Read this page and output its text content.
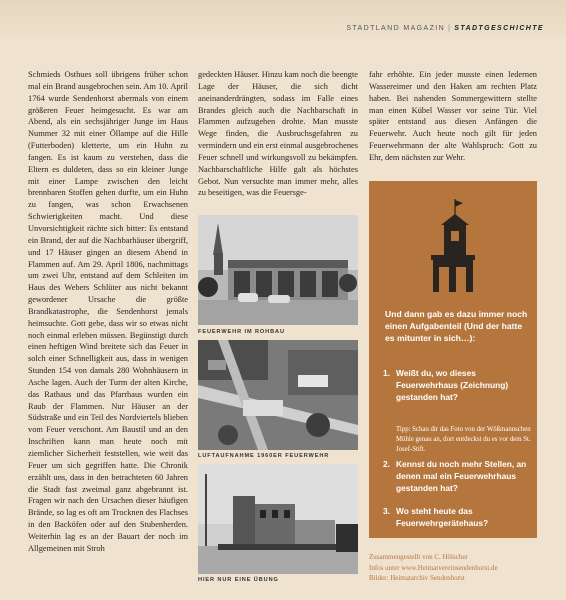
STADTLAND MAGAZIN | STADTGESCHICHTE

Schmieds Osthues soll übrigens früher schon mal ein Brand ausgebrochen sein. Am 10. April 1764 wurde Sendenhorst abermals von einem größeren Feuer heimgesucht. Es war am Abend, als ein sechsjähriger Junge im Haus Nummer 32 mit einer Öllampe auf die Hille (Futterboden) kletterte, um ein Huhn zu fangen. Es ist kaum zu verstehen, dass die Eltern es duldeten, dass so ein kleiner Junge mit einer Lampe zwischen den leicht brennbaren Stoffen gehen durfte, um ein Huhn zu fangen, was schon Erwachsenen Schwierigkeiten macht. Und diese Unvorsichtigkeit rächte sich bitter: Es entstand ein Brand, der auf die Nachbarhäuser übergriff, und 17 Häuser gingen an diesem Abend in Flammen auf. Am 29. April 1806, nachmittags um zwei Uhr, entstand auf dem Schleiten im Haus des Webers Schlüter aus nicht bekannt gewordener Ursache die größte Brandkatastrophe, die Sendenhorst jemals heimsuchte. Gott gebe, dass wir so etwas nicht noch einmal erleben müssen. Begünstigt durch einen heftigen Wind breitete sich das Feuer in solch einer Schnelligkeit aus, dass in wenigen Stunden 154 von damals 280 Wohnhäusern in Asche lagen. Auch der Turm der alten Kirche, das Rathaus und das Pfarrhaus wurden ein Raub der Flammen. Nur Häuser an der Südstraße und ein Teil des Nordviertels blieben vom Feuer verschont. Am Baustil und an den Inschriften kann man heute noch mit ziemlicher Sicherheit feststellen, wie weit das Feuer um sich gegriffen hatte. Die Chronik erzählt uns, dass in den betrachteten 60 Jahren die Stadt fast zweimal ganz abgebrannt ist. Fragen wir nach den Ursachen dieser häufigen Brände, so lag es oft am Trocknen des Flachses in den Backöfen oder auf den Stubenherden. Weiterhin lag es an der Bauart der noch im Allgemeinen mit Stroh

gedeckten Häuser. Hinzu kam noch die beengte Lage der Häuser, die sich dicht aneinanderdrängten, sodass im Falle eines Brandes gleich auch die Nachbarschaft in Flammen aufzugehen drohte. Man musste Wege finden, die Ausbruchsgefahren zu vermindern und ein erst einmal ausgebrochenes Feuer schnell und wirkungsvoll zu bekämpfen. Nachbarschaftliche Hilfe galt als höchstes Gebot. Nun versuchte man immer mehr, alles zu beseitigen, was die Feuersge-

FEUERWEHR IM ROHBAU
LUFTAUFNAHME 1960ER FEUERWEHR
HIER NUR EINE ÜBUNG

fahr erhöhte. Ein jeder musste einen ledernen Wassereimer und den Haken am rechten Platz haben. Bei nahenden Sommergewittern stellte man einen Kübel Wasser vor seine Tür. Viel später entstand aus diesen Anfängen die Feuerwehr. Auch heute noch gilt für jeden Feuerwehrmann der alte Wahlspruch: Gott zu Ehr, dem nächsten zur Wehr.

Und dann gab es dazu immer noch einen Aufgabenteil (Und der hatte es mitunter in sich…):
1. Weißt du, wo dieses Feuerwehrhaus (Zeichnung) gestanden hat?
Tipp: Schau dir das Foto von der Wößmannschen Mühle genau an, dort entdeckst du es vor dem St. Josef-Stift.
2. Kennst du noch mehr Stellen, an denen mal ein Feuerwehrhaus gestanden hat?
3. Wo steht heute das Feuerwehrgerätehaus?
Zusammengestellt von C. Hölscher
Infos unter www.Heimatvereinsendenhorst.de
Bilder: Heimatarchiv Sendenhorst
